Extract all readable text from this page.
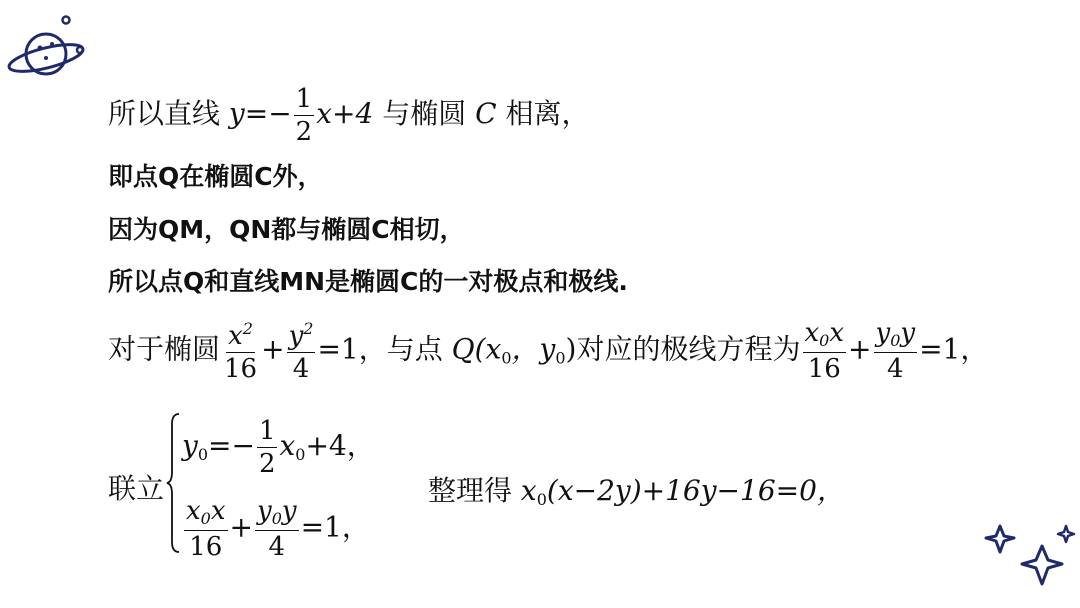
所以直线 $y=- \frac{1}{2} x+4$ 与椭圆 C 相离，
即点Q在椭圆C外，
因为QM，QN都与椭圆C相切，
所以点Q和直线MN是椭圆C的一对极点和极线.
对于椭圆 $\frac{x^2}{16} + \frac{y^2}{4} =1$，与点 $Q(x_0$，$y_0$)对应的极线方程为 $\frac{x_0x}{16} + \frac{y_0y}{4} =1$，
联立
$y_0=- \frac{1}{2} x_0+4$，
$\frac{x_0x}{16} + \frac{y_0y}{4} =1$，
整理得 $x_0(x-2y)+16y-16=0$，
